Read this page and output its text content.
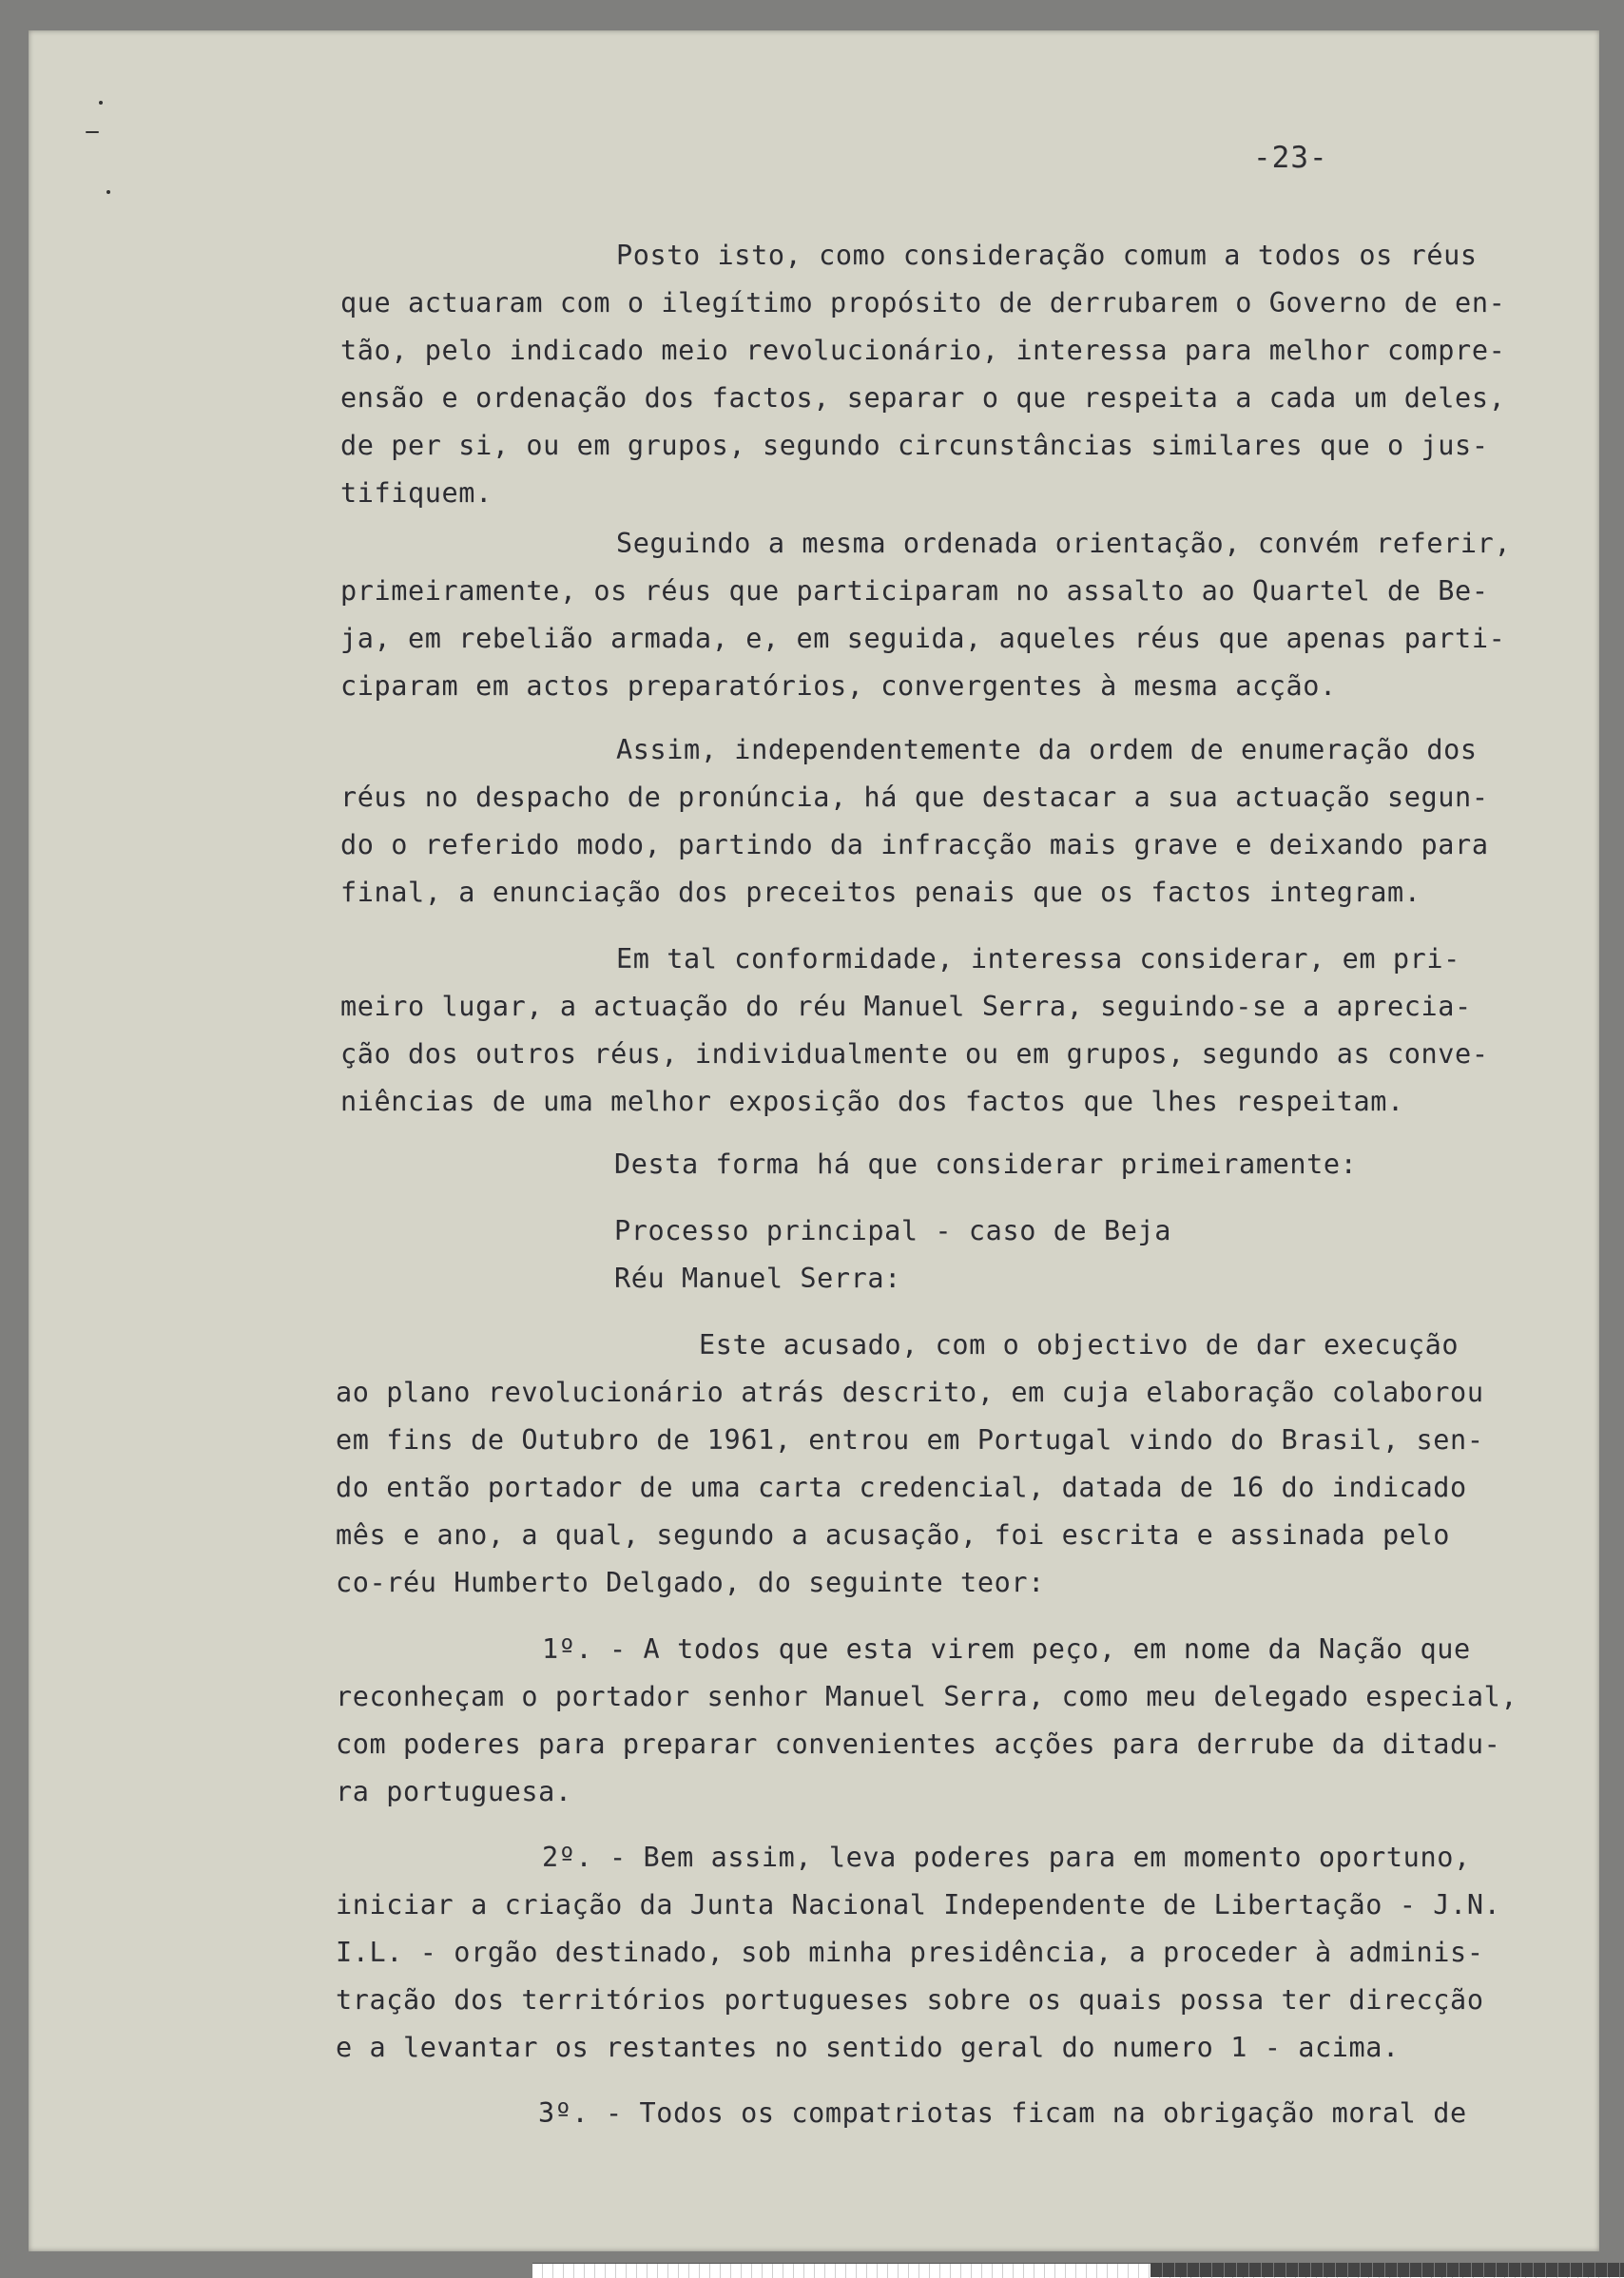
-23-
Posto isto, como consideração comum a todos os réus
que actuaram com o ilegítimo propósito de derrubarem o Governo de en-
tão, pelo indicado meio revolucionário, interessa para melhor compre-
ensão e ordenação dos factos, separar o que respeita a cada um deles,
de per si, ou em grupos, segundo circunstâncias similares que o jus-
tifiquem.
Seguindo a mesma ordenada orientação, convém referir,
primeiramente, os réus que participaram no assalto ao Quartel de Be-
ja, em rebelião armada, e, em seguida, aqueles réus que apenas parti-
ciparam em actos preparatórios, convergentes à mesma acção.
Assim, independentemente da ordem de enumeração dos
réus no despacho de pronúncia, há que destacar a sua actuação segun-
do o referido modo, partindo da infracção mais grave e deixando para
final, a enunciação dos preceitos penais que os factos integram.
Em tal conformidade, interessa considerar, em pri-
meiro lugar, a actuação do réu Manuel Serra, seguindo-se a aprecia-
ção dos outros réus, individualmente ou em grupos, segundo as conve-
niências de uma melhor exposição dos factos que lhes respeitam.
Desta forma há que considerar primeiramente:
Processo principal - caso de Beja
Réu Manuel Serra:
Este acusado, com o objectivo de dar execução
ao plano revolucionário atrás descrito, em cuja elaboração colaborou
em fins de Outubro de 1961, entrou em Portugal vindo do Brasil, sen-
do então portador de uma carta credencial, datada de 16 do indicado
mês e ano, a qual, segundo a acusação, foi escrita e assinada pelo
co-réu Humberto Delgado, do seguinte teor:
1º. - A todos que esta virem peço, em nome da Nação que
reconheçam o portador senhor Manuel Serra, como meu delegado especial,
com poderes para preparar convenientes acções para derrube da ditadu-
ra portuguesa.
2º. - Bem assim, leva poderes para em momento oportuno,
iniciar a criação da Junta Nacional Independente de Libertação - J.N.
I.L. - orgão destinado, sob minha presidência, a proceder à adminis-
tração dos territórios portugueses sobre os quais possa ter direcção
e a levantar os restantes no sentido geral do numero 1 - acima.
3º. - Todos os compatriotas ficam na obrigação moral de
